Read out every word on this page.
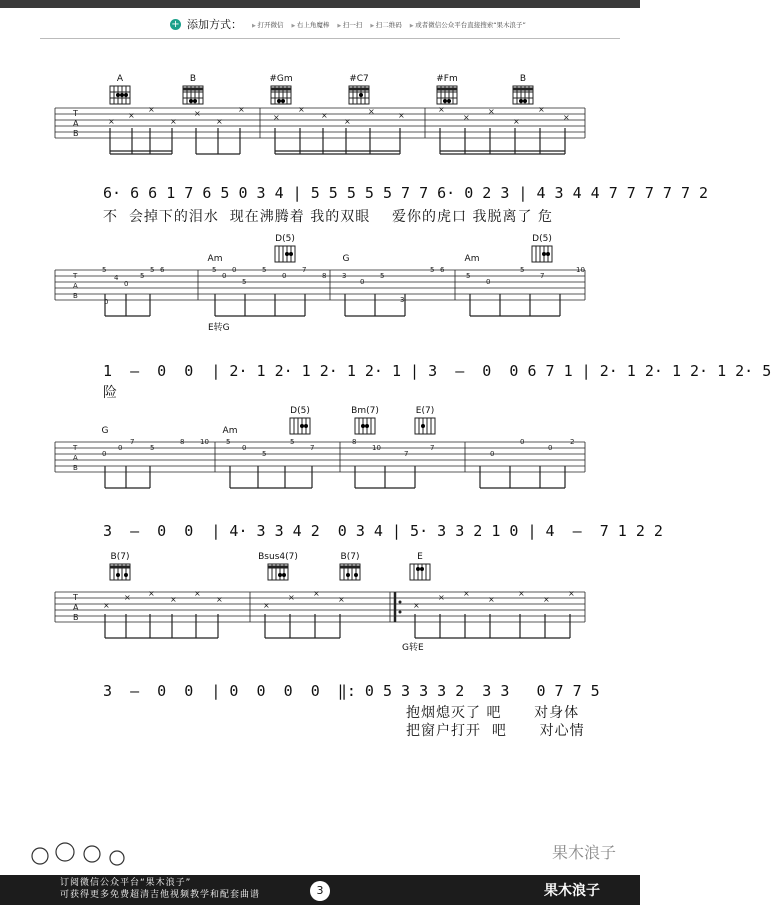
+ 添加方式：	▶ 打开微信	▶ 右上角魔棒	▶ 扫一扫	▶ 扫二维码	▶ 或者微信公众平台直接搜索“果木浪子”
T
A
B
×
×
×
×
×
×
×
×
×
×
×
×	×
×
×
×
×
×
×
A	B	#Gm	#C7	#Fm	B
6· 6 6 1 7 6 5 0 3 4 | 5 5 5 5 5 7 7 6· 0 2 3 | 4 3 4 4 7 7 7 7 7 2
不  会掉下的泪水  现在沸腾着 我的双眼    爱你的虎口 我脱离了 危
T
A
B
5
4
0
5
5 6
0
5
0
0
5
5
0
7
8 3
0
5
3
5 6
5
0
5
7
10
Am
D(5)
G	Am
D(5)
E转G
1  –  0  0  | 2· 1 2· 1 2· 1 2· 1 | 3  –  0  0 6 7 1 | 2· 1 2· 1 2· 1 2· 5
险
T
A
B
0
0
7
5
8 10 5
0
5
5
7
8
10
7
7
0
0
0
2
G	Am
D(5)	Bm(7)	E(7)
3  –  0  0  | 4· 3 3 4 2  0 3 4 | 5· 3 3 2 1 0 | 4  –  7 1 2 2
T
A
B
×
× ×
×
×
×
×
× ×
×
×
× ×
×
×
×
×
B(7)	Bsus4(7)	B(7)	E
G转E
3  –  0  0  | 0  0  0  0  ‖: 0 5 3 3 3 2  3 3   0 7 7 5
抱烟熄灭了 吧      对身体
把窗户打开  吧      对心情
果木浪子
订阅微信公众平台“果木浪子”
可获得更多免费超清吉他视频教学和配套曲谱	3	果木浪子
